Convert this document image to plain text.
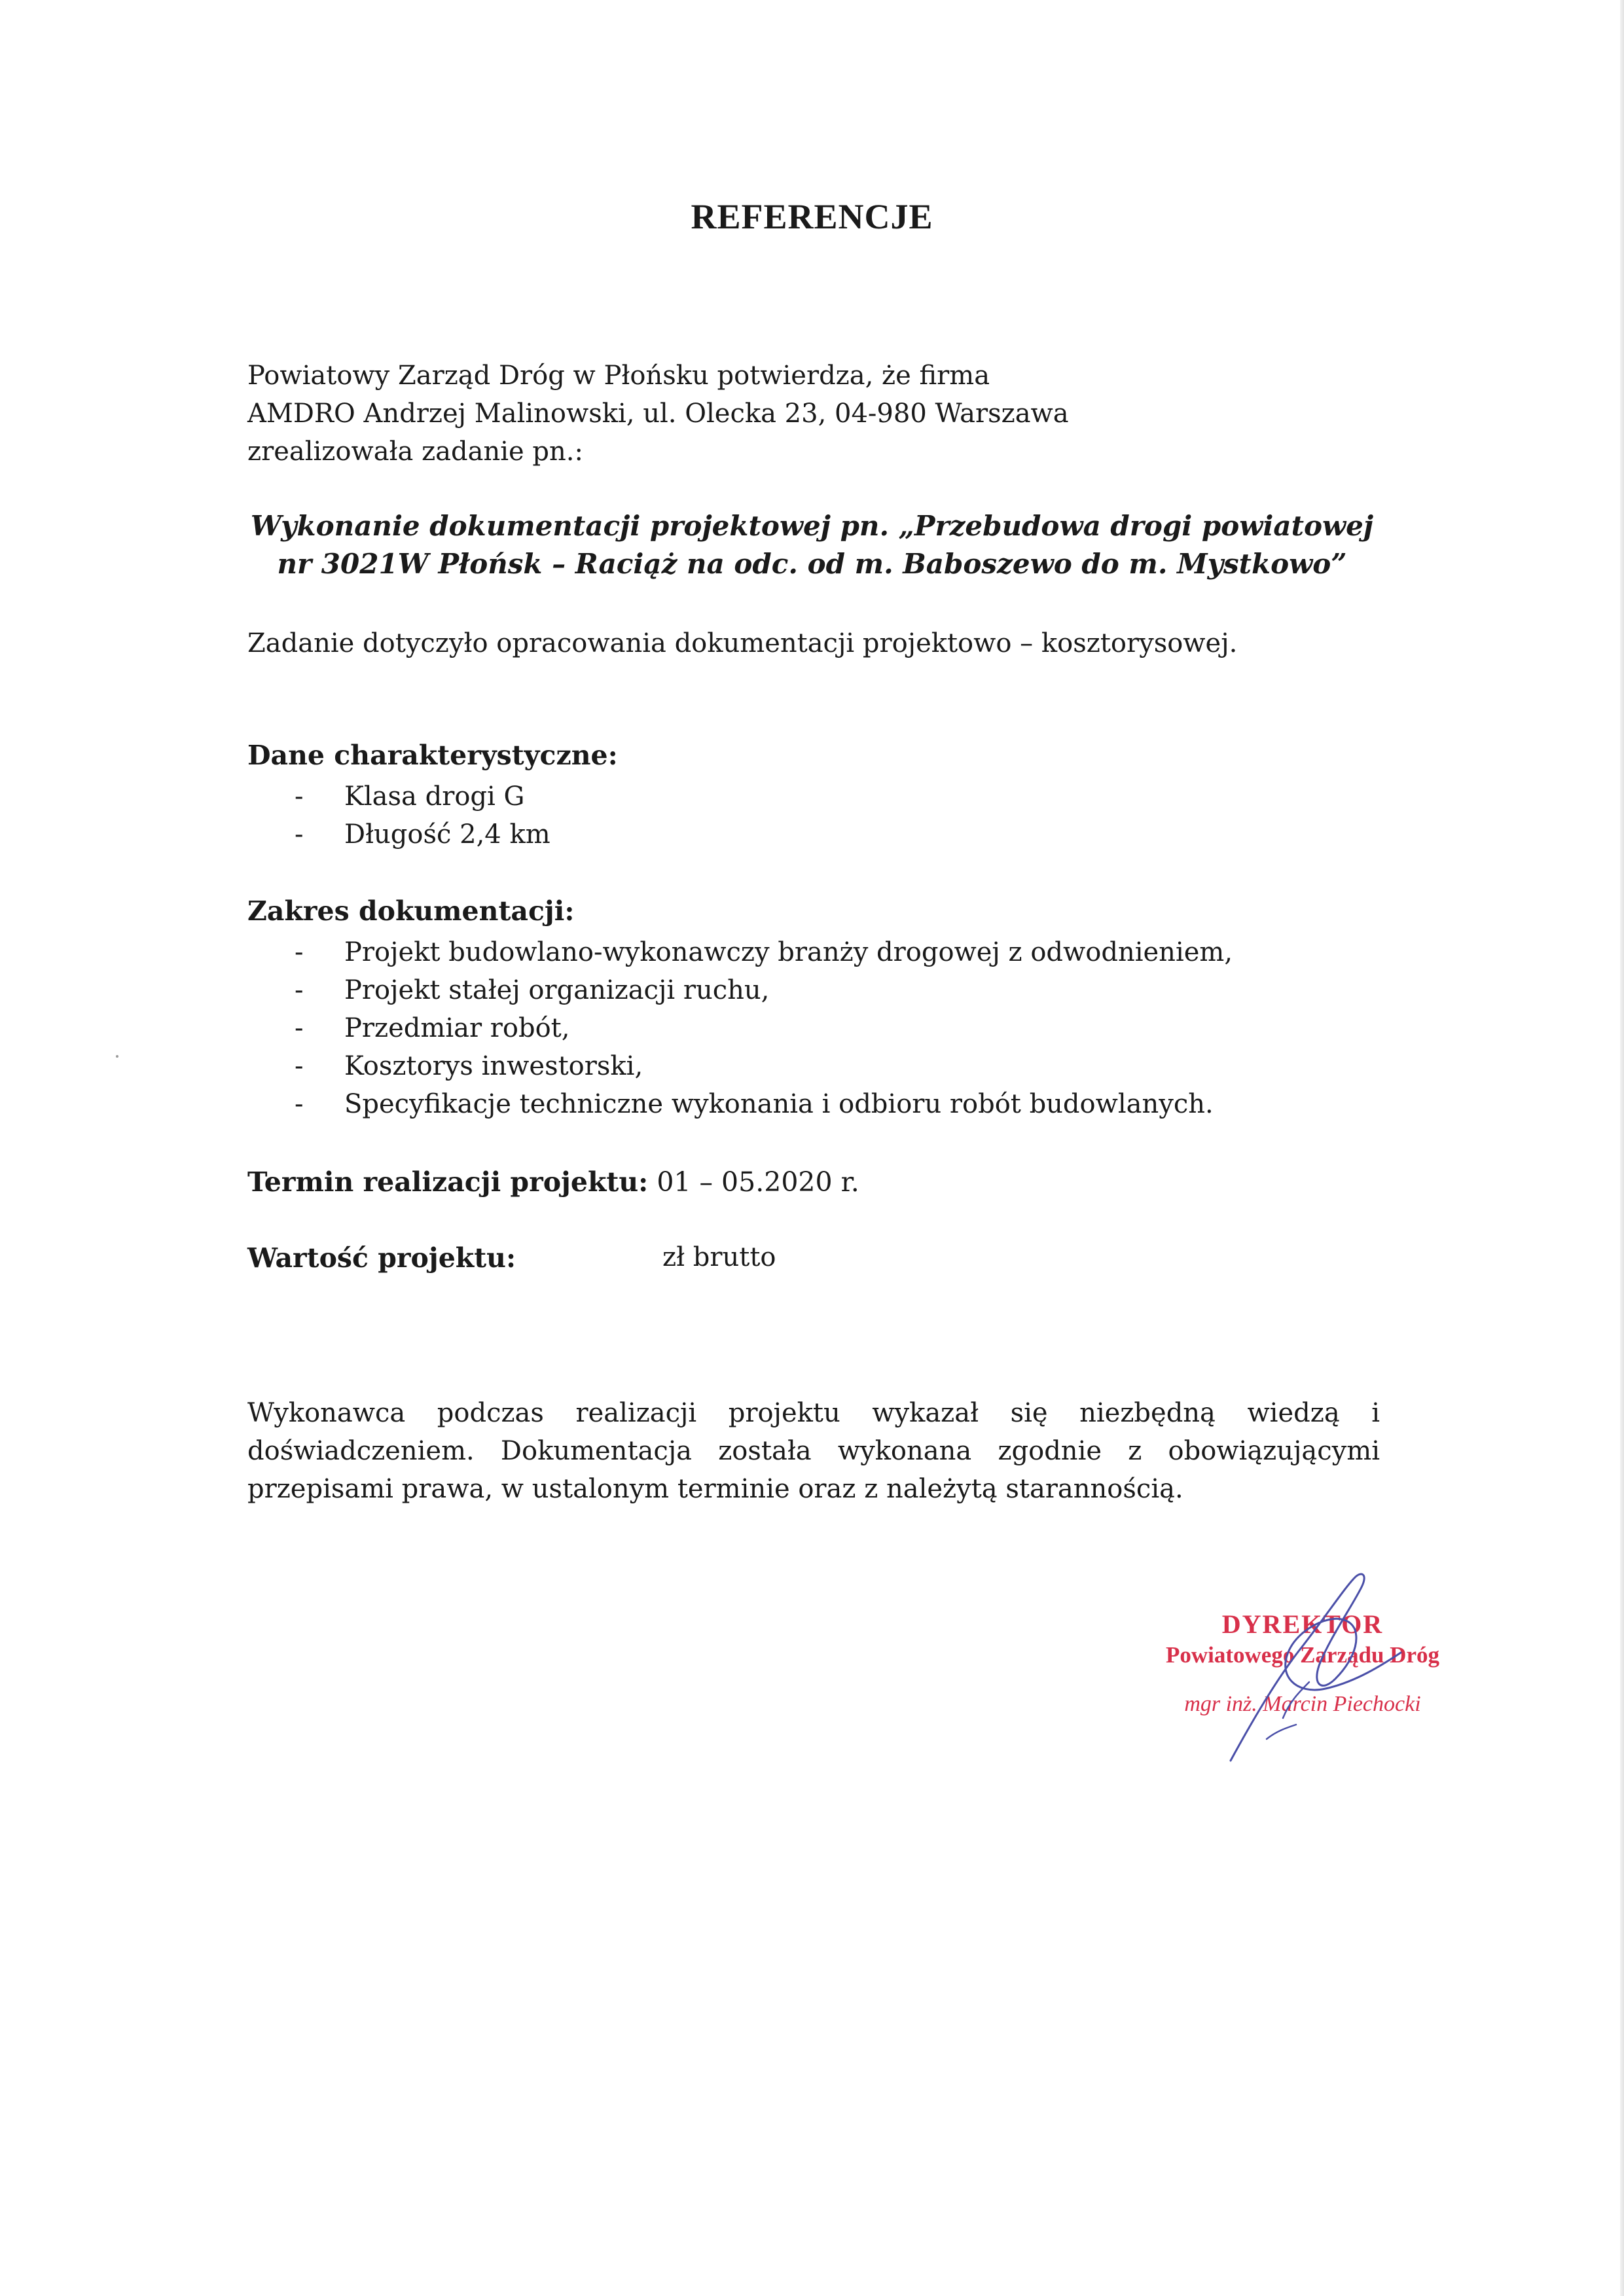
REFERENCJE
Powiatowy Zarząd Dróg w Płońsku potwierdza, że firma
AMDRO Andrzej Malinowski, ul. Olecka 23, 04-980 Warszawa
zrealizowała zadanie pn.:
Wykonanie dokumentacji projektowej pn. „Przebudowa drogi powiatowej
nr 3021W Płońsk – Raciąż na odc. od m. Baboszewo do m. Mystkowo”
Zadanie dotyczyło opracowania dokumentacji projektowo – kosztorysowej.
Dane charakterystyczne:
- Klasa drogi G
- Długość 2,4 km
Zakres dokumentacji:
- Projekt budowlano-wykonawczy branży drogowej z odwodnieniem,
- Projekt stałej organizacji ruchu,
- Przedmiar robót,
- Kosztorys inwestorski,
- Specyfikacje techniczne wykonania i odbioru robót budowlanych.
Termin realizacji projektu: 01 – 05.2020 r.
Wartość projektu:	zł brutto
Wykonawca podczas realizacji projektu wykazał się niezbędną wiedzą i doświadczeniem. Dokumentacja została wykonana zgodnie z obowiązującymi przepisami prawa, w ustalonym terminie oraz z należytą starannością.
DYREKTOR
Powiatowego Zarządu Dróg
mgr inż. Marcin Piechocki
